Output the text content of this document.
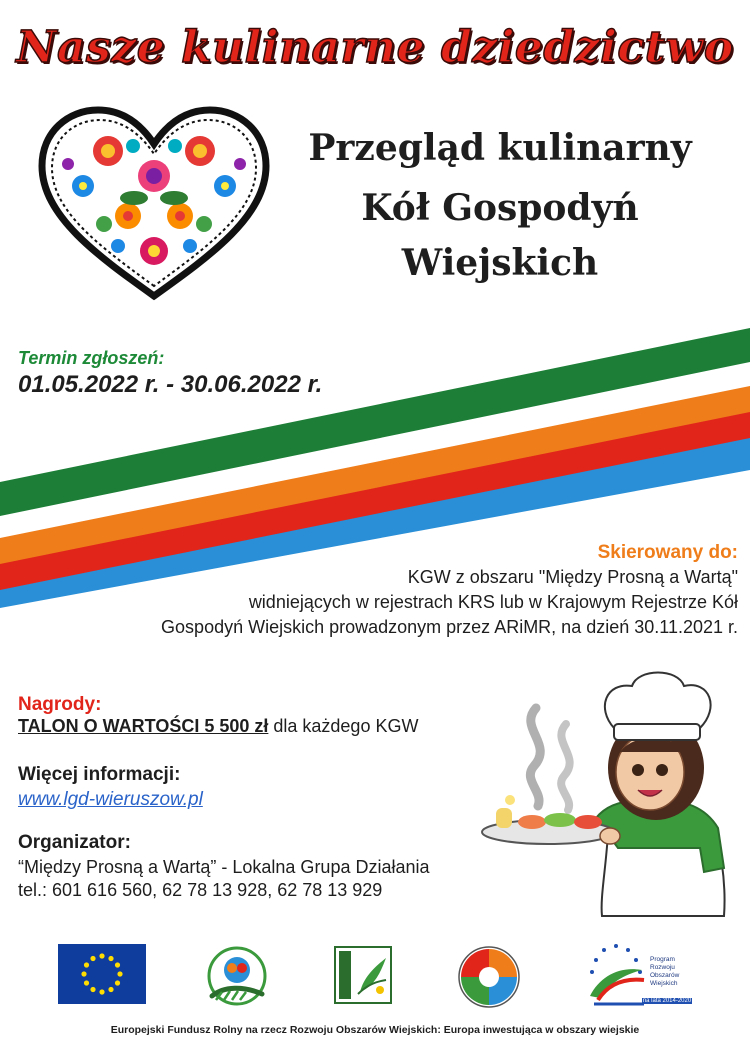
Nasze kulinarne dziedzictwo
Przegląd kulinarny
Kół Gospodyń
Wiejskich
Termin zgłoszeń:
01.05.2022 r. - 30.06.2022 r.
Skierowany do:
KGW z obszaru "Między Prosną a Wartą"
widniejących w rejestrach KRS lub w Krajowym Rejestrze Kół
Gospodyń Wiejskich prowadzonym przez ARiMR, na dzień 30.11.2021 r.
Nagrody:
TALON O WARTOŚCI 5 500 zł dla każdego KGW
Więcej informacji:
www.lgd-wieruszow.pl
Organizator:
“Między Prosną a Wartą” - Lokalna Grupa Działania
tel.: 601 616 560, 62 78 13 928, 62 78 13 929
Program
Rozwoju
Obszarów
Wiejskich
na lata 2014-2020
Europejski Fundusz Rolny na rzecz Rozwoju Obszarów Wiejskich: Europa inwestująca w obszary wiejskie
